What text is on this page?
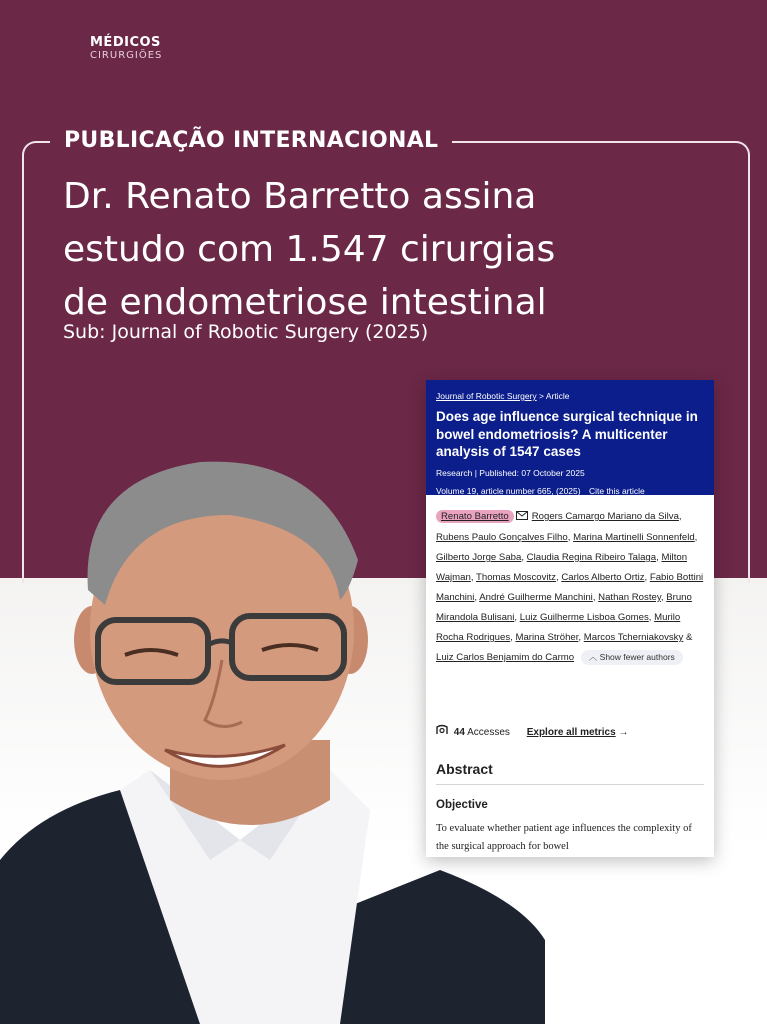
MÉDICOS
CIRURGIÕES
PUBLICAÇÃO INTERNACIONAL
Dr. Renato Barretto assina
estudo com 1.547 cirurgias
de endometriose intestinal
Sub: Journal of Robotic Surgery (2025)
Journal of Robotic Surgery > Article
Does age influence surgical technique in bowel endometriosis? A multicenter analysis of 1547 cases
Research | Published: 07 October 2025
Volume 19, article number 665, (2025) Cite this article
Renato Barretto Rogers Camargo Mariano da Silva, Rubens Paulo Gonçalves Filho, Marina Martinelli Sonnenfeld, Gilberto Jorge Saba, Claudia Regina Ribeiro Talaga, Milton Wajman, Thomas Moscovitz, Carlos Alberto Ortiz, Fabio Bottini Manchini, André Guilherme Manchini, Nathan Rostey, Bruno Mirandola Bulisani, Luiz Guilherme Lisboa Gomes, Murilo Rocha Rodrigues, Marina Ströher, Marcos Tcherniakovsky & Luiz Carlos Benjamim do Carmo ︿ Show fewer authors
44 Accesses Explore all metrics →
Abstract
Objective
To evaluate whether patient age influences the complexity of the surgical approach for bowel
